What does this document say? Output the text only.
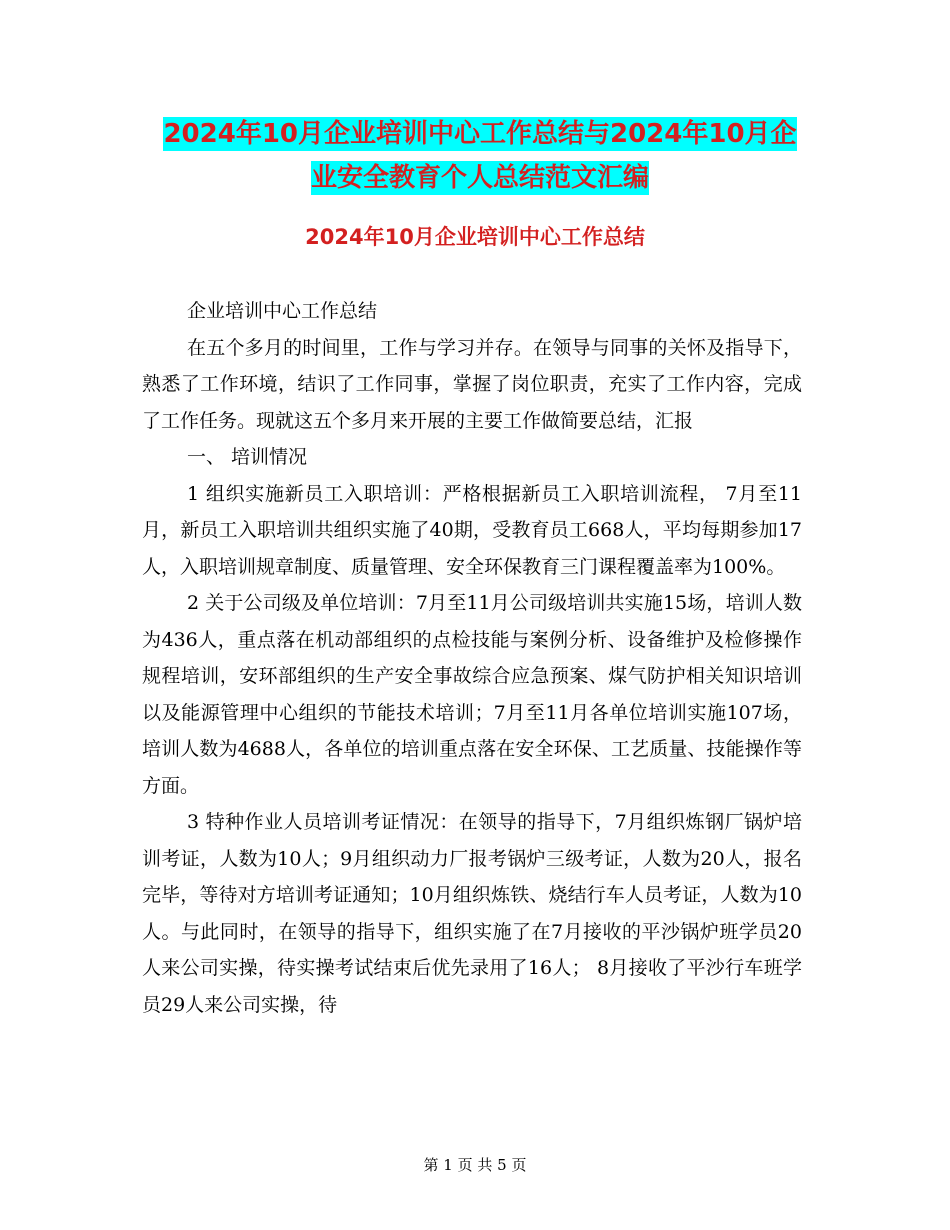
2024年10月企业培训中心工作总结与2024年10月企
业安全教育个人总结范文汇编
2024年10月企业培训中心工作总结

企业培训中心工作总结

在五个多月的时间里，工作与学习并存。在领导与同事的关怀及指导下，熟悉了工作环境，结识了工作同事，掌握了岗位职责，充实了工作内容，完成了工作任务。现就这五个多月来开展的主要工作做简要总结，汇报

一、 培训情况

1 组织实施新员工入职培训：严格根据新员工入职培训流程， 7月至11月，新员工入职培训共组织实施了40期，受教育员工668人，平均每期参加17人，入职培训规章制度、质量管理、安全环保教育三门课程覆盖率为100%。

2 关于公司级及单位培训：7月至11月公司级培训共实施15场，培训人数为436人，重点落在机动部组织的点检技能与案例分析、设备维护及检修操作规程培训，安环部组织的生产安全事故综合应急预案、煤气防护相关知识培训以及能源管理中心组织的节能技术培训；7月至11月各单位培训实施107场，培训人数为4688人，各单位的培训重点落在安全环保、工艺质量、技能操作等方面。

3 特种作业人员培训考证情况：在领导的指导下，7月组织炼钢厂锅炉培训考证，人数为10人；9月组织动力厂报考锅炉三级考证，人数为20人，报名完毕，等待对方培训考证通知；10月组织炼铁、烧结行车人员考证，人数为10人。与此同时，在领导的指导下，组织实施了在7月接收的平沙锅炉班学员20人来公司实操，待实操考试结束后优先录用了16人； 8月接收了平沙行车班学员29人来公司实操，待

第 1 页 共 5 页
